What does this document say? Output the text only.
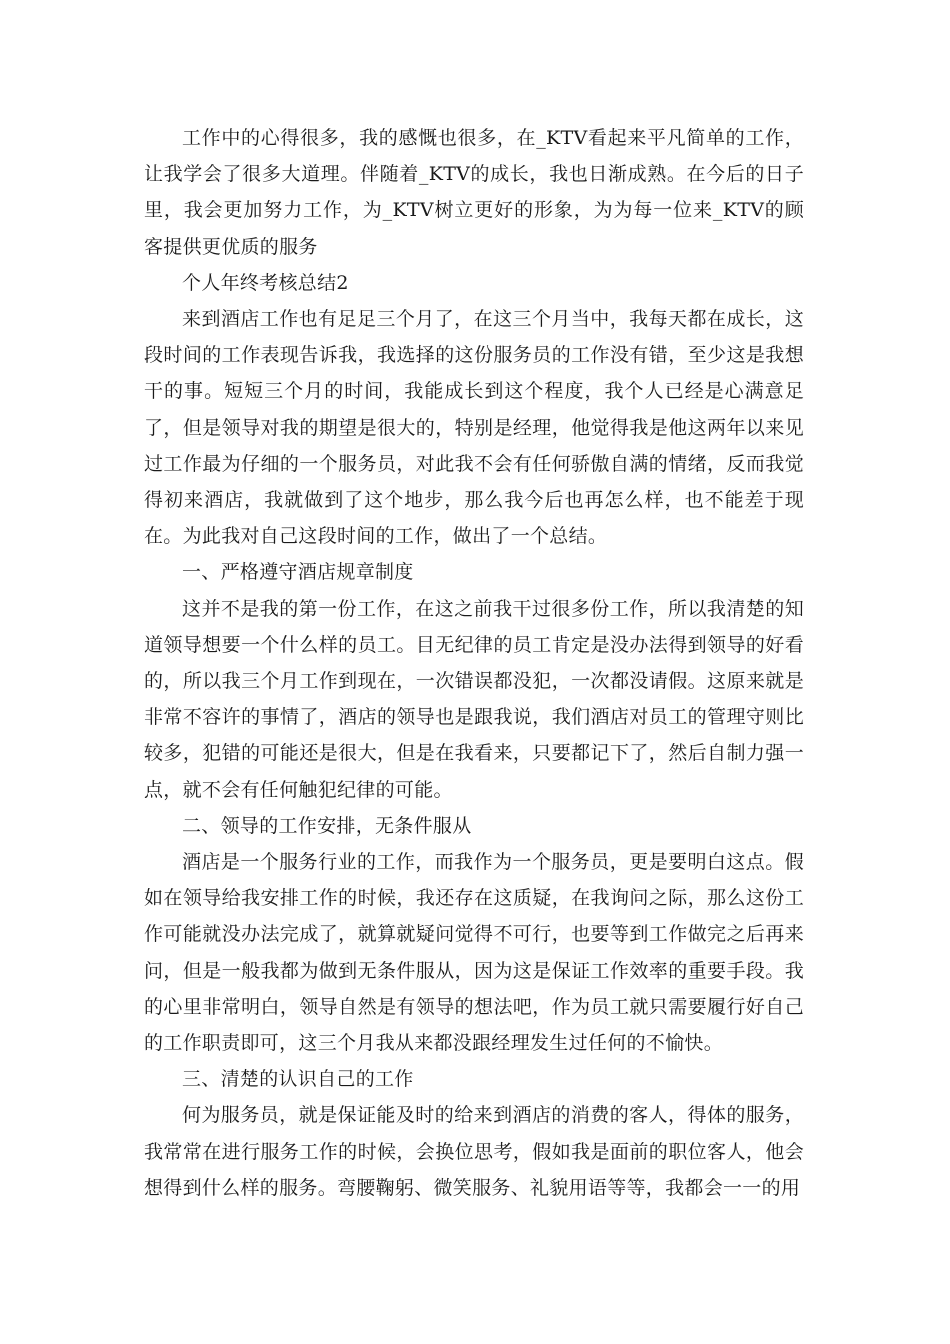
工作中的心得很多，我的感慨也很多，在_KTV看起来平凡简单的工作，让我学会了很多大道理。伴随着_KTV的成长，我也日渐成熟。在今后的日子里，我会更加努力工作，为_KTV树立更好的形象，为为每一位来_KTV的顾客提供更优质的服务

个人年终考核总结2

来到酒店工作也有足足三个月了，在这三个月当中，我每天都在成长，这段时间的工作表现告诉我，我选择的这份服务员的工作没有错，至少这是我想干的事。短短三个月的时间，我能成长到这个程度，我个人已经是心满意足了，但是领导对我的期望是很大的，特别是经理，他觉得我是他这两年以来见过工作最为仔细的一个服务员，对此我不会有任何骄傲自满的情绪，反而我觉得初来酒店，我就做到了这个地步，那么我今后也再怎么样，也不能差于现在。为此我对自己这段时间的工作，做出了一个总结。

一、严格遵守酒店规章制度

这并不是我的第一份工作，在这之前我干过很多份工作，所以我清楚的知道领导想要一个什么样的员工。目无纪律的员工肯定是没办法得到领导的好看的，所以我三个月工作到现在，一次错误都没犯，一次都没请假。这原来就是非常不容许的事情了，酒店的领导也是跟我说，我们酒店对员工的管理守则比较多，犯错的可能还是很大，但是在我看来，只要都记下了，然后自制力强一点，就不会有任何触犯纪律的可能。

二、领导的工作安排，无条件服从

酒店是一个服务行业的工作，而我作为一个服务员，更是要明白这点。假如在领导给我安排工作的时候，我还存在这质疑，在我询问之际，那么这份工作可能就没办法完成了，就算就疑问觉得不可行，也要等到工作做完之后再来问，但是一般我都为做到无条件服从，因为这是保证工作效率的重要手段。我的心里非常明白，领导自然是有领导的想法吧，作为员工就只需要履行好自己的工作职责即可，这三个月我从来都没跟经理发生过任何的不愉快。

三、清楚的认识自己的工作

何为服务员，就是保证能及时的给来到酒店的消费的客人，得体的服务，我常常在进行服务工作的时候，会换位思考，假如我是面前的职位客人，他会想得到什么样的服务。弯腰鞠躬、微笑服务、礼貌用语等等，我都会一一的用
